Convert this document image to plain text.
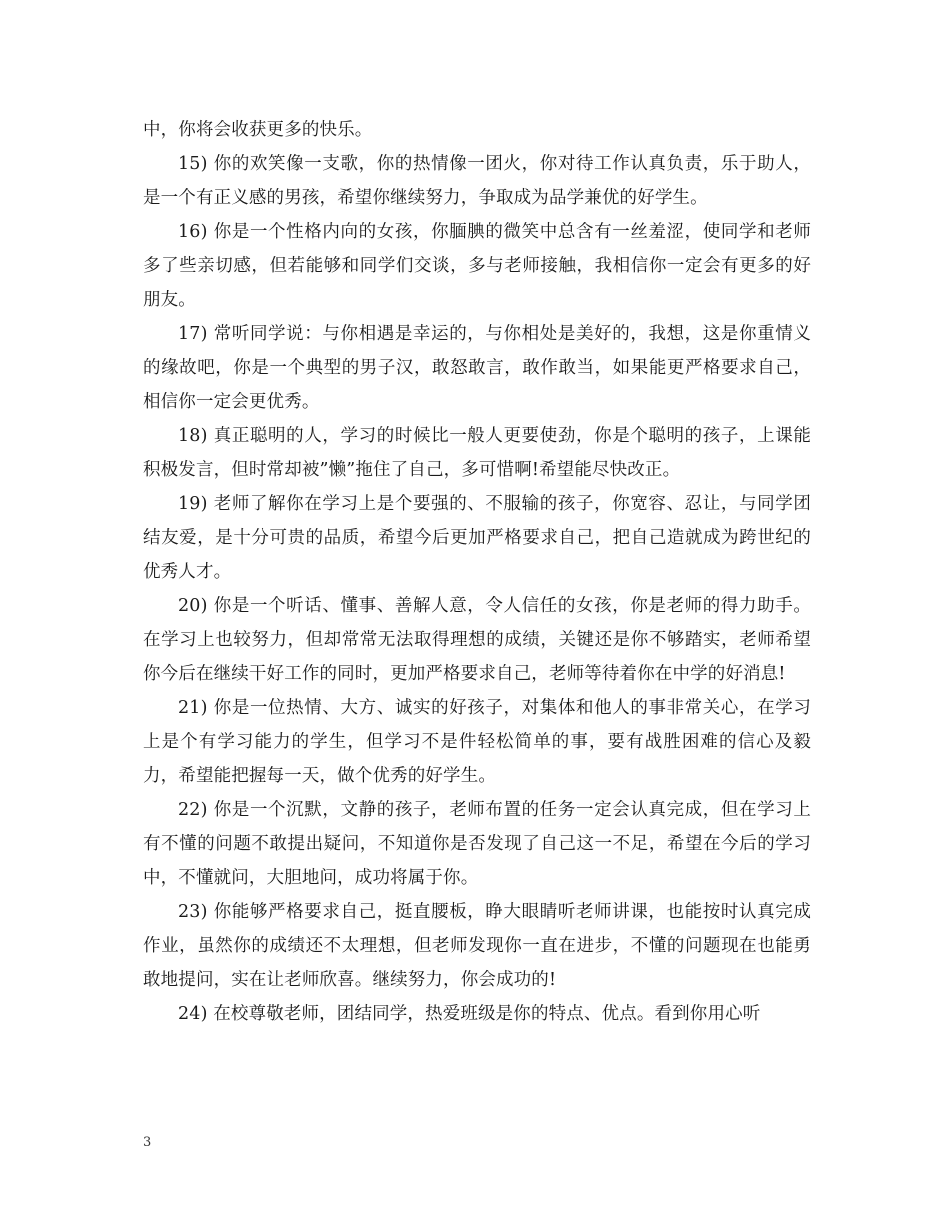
中，你将会收获更多的快乐。

15) 你的欢笑像一支歌，你的热情像一团火，你对待工作认真负责，乐于助人，是一个有正义感的男孩，希望你继续努力，争取成为品学兼优的好学生。

16) 你是一个性格内向的女孩，你腼腆的微笑中总含有一丝羞涩，使同学和老师多了些亲切感，但若能够和同学们交谈，多与老师接触，我相信你一定会有更多的好朋友。

17) 常听同学说：与你相遇是幸运的，与你相处是美好的，我想，这是你重情义的缘故吧，你是一个典型的男子汉，敢怒敢言，敢作敢当，如果能更严格要求自己，相信你一定会更优秀。

18) 真正聪明的人，学习的时候比一般人更要使劲，你是个聪明的孩子，上课能积极发言，但时常却被”懒”拖住了自己，多可惜啊!希望能尽快改正。

19) 老师了解你在学习上是个要强的、不服输的孩子，你宽容、忍让，与同学团结友爱，是十分可贵的品质，希望今后更加严格要求自己，把自己造就成为跨世纪的优秀人才。

20) 你是一个听话、懂事、善解人意，令人信任的女孩，你是老师的得力助手。在学习上也较努力，但却常常无法取得理想的成绩，关键还是你不够踏实，老师希望你今后在继续干好工作的同时，更加严格要求自己，老师等待着你在中学的好消息!

21) 你是一位热情、大方、诚实的好孩子，对集体和他人的事非常关心，在学习上是个有学习能力的学生，但学习不是件轻松简单的事，要有战胜困难的信心及毅力，希望能把握每一天，做个优秀的好学生。

22) 你是一个沉默，文静的孩子，老师布置的任务一定会认真完成，但在学习上有不懂的问题不敢提出疑问，不知道你是否发现了自己这一不足，希望在今后的学习中，不懂就问，大胆地问，成功将属于你。

23) 你能够严格要求自己，挺直腰板，睁大眼睛听老师讲课，也能按时认真完成作业，虽然你的成绩还不太理想，但老师发现你一直在进步，不懂的问题现在也能勇敢地提问，实在让老师欣喜。继续努力，你会成功的!

24) 在校尊敬老师，团结同学，热爱班级是你的特点、优点。看到你用心听

3
